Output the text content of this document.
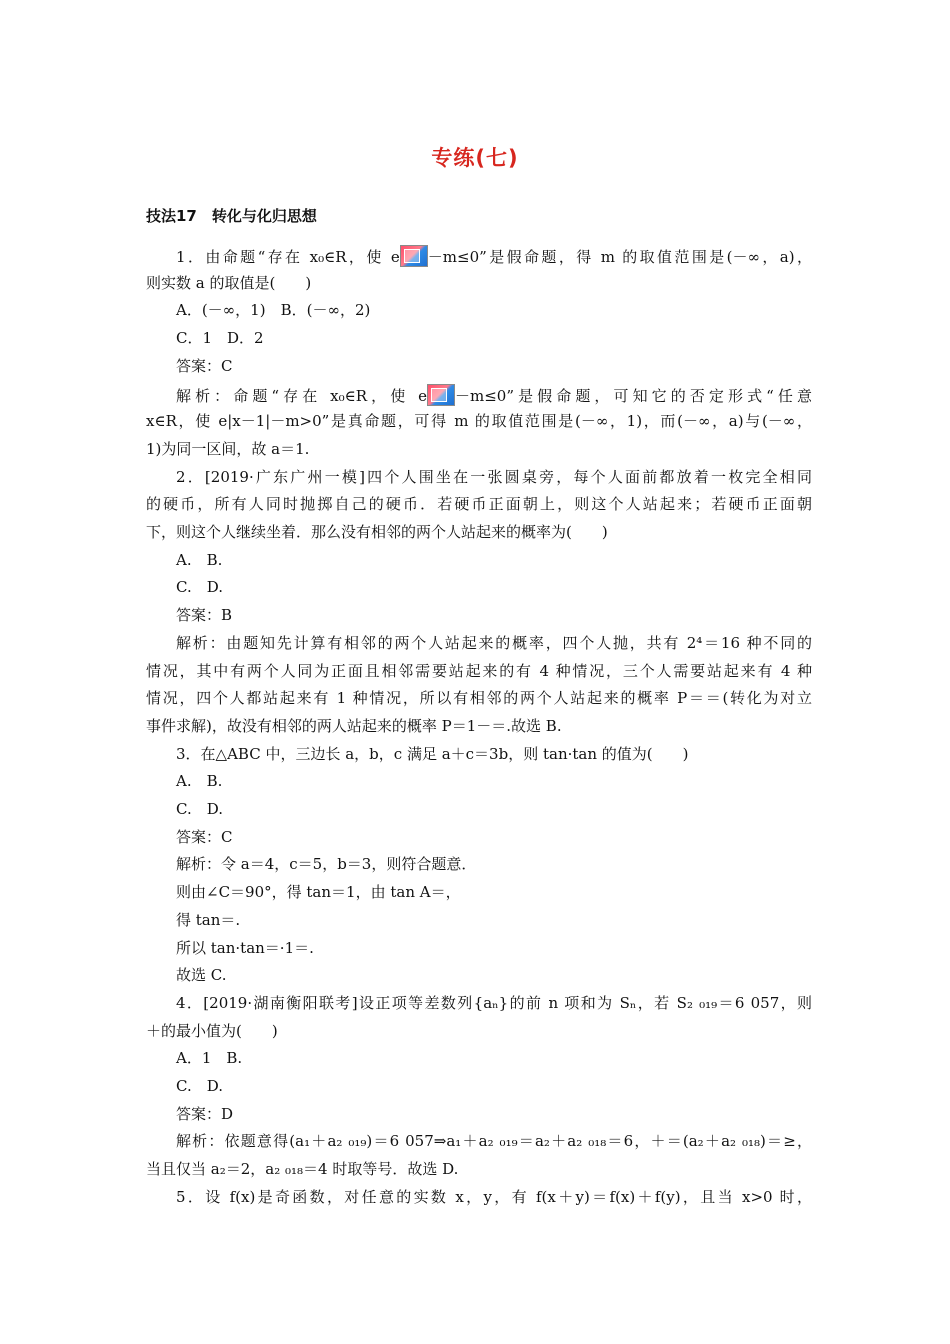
专练(七)
技法17　转化与化归思想
1．由命题“存在 x₀∈R，使 e －m≤0”是假命题，得 m 的取值范围是(－∞，a)，
则实数 a 的取值是(　　)
A．(－∞，1)　B．(－∞，2)
C．1　D．2
答案：C
解析：命题“存在 x₀∈R，使 e －m≤0”是假命题，可知它的否定形式“任意
x∈R，使 e|x－1|－m>0”是真命题，可得 m 的取值范围是(－∞，1)，而(－∞，a)与(－∞，
1)为同一区间，故 a＝1.
2．[2019·广东广州一模]四个人围坐在一张圆桌旁，每个人面前都放着一枚完全相同
的硬币，所有人同时抛掷自己的硬币．若硬币正面朝上，则这个人站起来；若硬币正面朝
下，则这个人继续坐着．那么没有相邻的两个人站起来的概率为(　　)
A.　B.
C.　D.
答案：B
解析：由题知先计算有相邻的两个人站起来的概率，四个人抛，共有 2⁴＝16 种不同的
情况，其中有两个人同为正面且相邻需要站起来的有 4 种情况，三个人需要站起来有 4 种
情况，四个人都站起来有 1 种情况，所以有相邻的两个人站起来的概率 P＝＝(转化为对立
事件求解)，故没有相邻的两人站起来的概率 P＝1－＝.故选 B.
3．在△ABC 中，三边长 a，b，c 满足 a＋c＝3b，则 tan·tan 的值为(　　)
A.　B.
C.　D.
答案：C
解析：令 a＝4，c＝5，b＝3，则符合题意．
则由∠C＝90°，得 tan＝1，由 tan A＝，
得 tan＝.
所以 tan·tan＝·1＝.
故选 C.
4．[2019·湖南衡阳联考]设正项等差数列{aₙ}的前 n 项和为 Sₙ，若 S₂ ₀₁₉＝6 057，则
＋的最小值为(　　)
A．1　B.
C.　D.
答案：D
解析：依题意得(a₁＋a₂ ₀₁₉)＝6 057⇒a₁＋a₂ ₀₁₉＝a₂＋a₂ ₀₁₈＝6，＋＝(a₂＋a₂ ₀₁₈)＝≥，
当且仅当 a₂＝2，a₂ ₀₁₈＝4 时取等号．故选 D.
5．设 f(x)是奇函数，对任意的实数 x，y，有 f(x＋y)＝f(x)＋f(y)，且当 x>0 时，
